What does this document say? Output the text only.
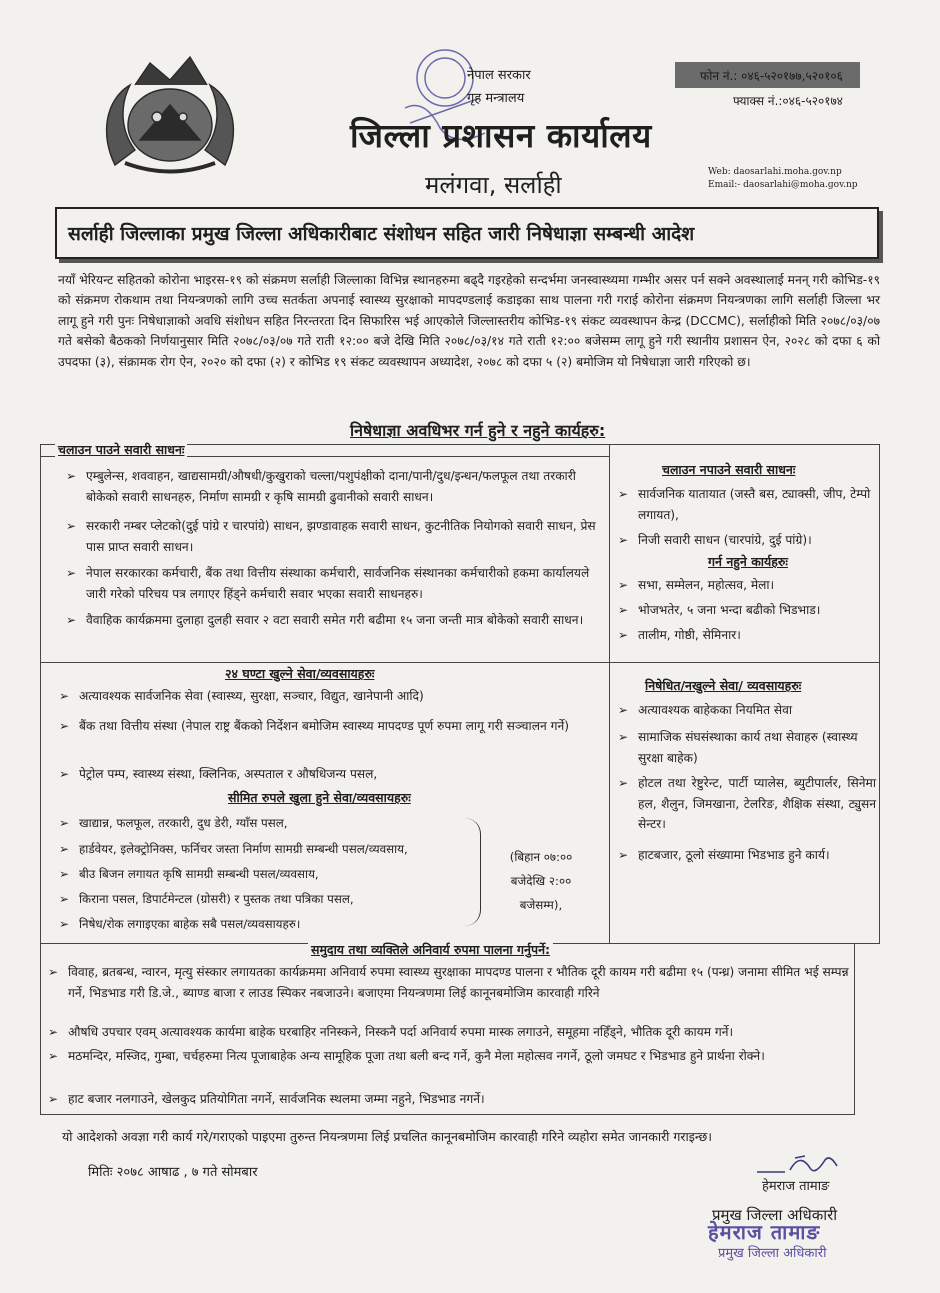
नेपाल सरकार
गृह मन्त्रालय
जिल्ला प्रशासन कार्यालय
मलंगवा, सर्लाही
फोन नं.: ०४६-५२०१७७,५२०१०६
फ्याक्स नं.:०४६-५२०१७४
Web: daosarlahi.moha.gov.np
Email:- daosarlahi@moha.gov.np
सर्लाही जिल्लाका प्रमुख जिल्ला अधिकारीबाट संशोधन सहित जारी निषेधाज्ञा सम्बन्धी आदेश
नयाँ भेरियन्ट सहितको कोरोना भाइरस-१९ को संक्रमण सर्लाही जिल्लाका विभिन्न स्थानहरुमा बढ्दै गइरहेको सन्दर्भमा जनस्वास्थ्यमा गम्भीर असर पर्न सक्ने अवस्थालाई मनन् गरी कोभिड-१९ को संक्रमण रोकथाम तथा नियन्त्रणको लागि उच्च सतर्कता अपनाई स्वास्थ्य सुरक्षाको मापदण्डलाई कडाइका साथ पालना गरी गराई कोरोना संक्रमण नियन्त्रणका लागि सर्लाही जिल्ला भर लागू हुने गरी पुनः निषेधाज्ञाको अवधि संशोधन सहित निरन्तरता दिन सिफारिस भई आएकोले जिल्लास्तरीय कोभिड-१९ संकट व्यवस्थापन केन्द्र (DCCMC), सर्लाहीको मिति २०७८/०३/०७ गते बसेको बैठकको निर्णयानुसार मिति २०७८/०३/०७ गते राती १२:०० बजे देखि मिति २०७८/०३/१४ गते राती १२:०० बजेसम्म लागू हुने गरी स्थानीय प्रशासन ऐन, २०२८ को दफा ६ को उपदफा (३), संक्रामक रोग ऐन, २०२० को दफा (२) र कोभिड १९ संकट व्यवस्थापन अध्यादेश, २०७८ को दफा ५ (२) बमोजिम यो निषेधाज्ञा जारी गरिएको छ।
निषेधाज्ञा अवधिभर गर्न हुने र नहुने कार्यहरु:
चलाउन पाउने सवारी साधनः
➢ एम्बुलेन्स, शववाहन, खाद्यसामग्री/औषधी/कुखुराको चल्ला/पशुपंक्षीको दाना/पानी/दुध/इन्धन/फलफूल तथा तरकारी बोकेको सवारी साधनहरु, निर्माण सामग्री र कृषि सामग्री ढुवानीको सवारी साधन।
➢ सरकारी नम्बर प्लेटको(दुई पांग्रे र चारपांग्रे) साधन, झण्डावाहक सवारी साधन, कुटनीतिक नियोगको सवारी साधन, प्रेस पास प्राप्त सवारी साधन।
➢ नेपाल सरकारका कर्मचारी, बैंक तथा वित्तीय संस्थाका कर्मचारी, सार्वजनिक संस्थानका कर्मचारीको हकमा कार्यालयले जारी गरेको परिचय पत्र लगाएर हिंड्ने कर्मचारी सवार भएका सवारी साधनहरु।
➢ वैवाहिक कार्यक्रममा दुलाहा दुलही सवार २ वटा सवारी समेत गरी बढीमा १५ जना जन्ती मात्र बोकेको सवारी साधन।
चलाउन नपाउने सवारी साधनः
➢ सार्वजनिक यातायात (जस्तै बस, ट्याक्सी, जीप, टेम्पो लगायत),
➢ निजी सवारी साधन (चारपांग्रे, दुई पांग्रे)।
गर्न नहुने कार्यहरुः
➢ सभा, सम्मेलन, महोत्सव, मेला।
➢ भोजभतेर, ५ जना भन्दा बढीको भिडभाड।
➢ तालीम, गोष्ठी, सेमिनार।
२४ घण्टा खुल्ने सेवा/व्यवसायहरुः
➢ अत्यावश्यक सार्वजनिक सेवा (स्वास्थ्य, सुरक्षा, सञ्चार, विद्युत, खानेपानी आदि)
➢ बैंक तथा वित्तीय संस्था (नेपाल राष्ट्र बैंकको निर्देशन बमोजिम स्वास्थ्य मापदण्ड पूर्ण रुपमा लागू गरी सञ्चालन गर्ने)
➢ पेट्रोल पम्प, स्वास्थ्य संस्था, क्लिनिक, अस्पताल र औषधिजन्य पसल,
सीमित रुपले खुला हुने सेवा/व्यवसायहरुः
➢ खाद्यान्न, फलफूल, तरकारी, दुध डेरी, ग्याँस पसल,
➢ हार्डवेयर, इलेक्ट्रोनिक्स, फर्निचर जस्ता निर्माण सामग्री सम्बन्धी पसल/व्यवसाय,
➢ बीउ बिजन लगायत कृषि सामग्री सम्बन्धी पसल/व्यवसाय,
➢ किराना पसल, डिपार्टमेन्टल (ग्रोसरी) र पुस्तक तथा पत्रिका पसल,
➢ निषेध/रोक लगाइएका बाहेक सबै पसल/व्यवसायहरु।
(बिहान ०७:००
बजेदेखि २:००
बजेसम्म),
निषेधित/नखुल्ने सेवा/ व्यवसायहरुः
➢ अत्यावश्यक बाहेकका नियमित सेवा
➢ सामाजिक संघसंस्थाका कार्य तथा सेवाहरु (स्वास्थ्य सुरक्षा बाहेक)
➢ होटल तथा रेष्टुरेन्ट, पार्टी प्यालेस, ब्युटीपार्लर, सिनेमा हल, शैलुन, जिमखाना, टेलरिङ, शैक्षिक संस्था, ट्युसन सेन्टर।
➢ हाटबजार, ठूलो संख्यामा भिडभाड हुने कार्य।
समुदाय तथा व्यक्तिले अनिवार्य रुपमा पालना गर्नुपर्ने:
➢ विवाह, ब्रतबन्ध, न्वारन, मृत्यु संस्कार लगायतका कार्यक्रममा अनिवार्य रुपमा स्वास्थ्य सुरक्षाका मापदण्ड पालना र भौतिक दूरी कायम गरी बढीमा १५ (पन्ध्र) जनामा सीमित भई सम्पन्न गर्ने, भिडभाड गरी डि.जे., ब्याण्ड बाजा र लाउड स्पिकर नबजाउने। बजाएमा नियन्त्रणमा लिई कानूनबमोजिम कारवाही गरिने
➢ औषधि उपचार एवम् अत्यावश्यक कार्यमा बाहेक घरबाहिर ननिस्कने, निस्कनै पर्दा अनिवार्य रुपमा मास्क लगाउने, समूहमा नहिँड्ने, भौतिक दूरी कायम गर्ने।
➢ मठमन्दिर, मस्जिद, गुम्बा, चर्चहरुमा नित्य पूजाबाहेक अन्य सामूहिक पूजा तथा बली बन्द गर्ने, कुनै मेला महोत्सव नगर्ने, ठूलो जमघट र भिडभाड हुने प्रार्थना रोक्ने।
➢ हाट बजार नलगाउने, खेलकुद प्रतियोगिता नगर्ने, सार्वजनिक स्थलमा जम्मा नहुने, भिडभाड नगर्ने।
यो आदेशको अवज्ञा गरी कार्य गरे/गराएको पाइएमा तुरुन्त नियन्त्रणमा लिई प्रचलित कानूनबमोजिम कारवाही गरिने व्यहोरा समेत जानकारी गराइन्छ।
मितिः २०७८ आषाढ , ७ गते सोमबार
हेमराज तामाङ
प्रमुख जिल्ला अधिकारी
हेमराज तामाङ
प्रमुख जिल्ला अधिकारी
